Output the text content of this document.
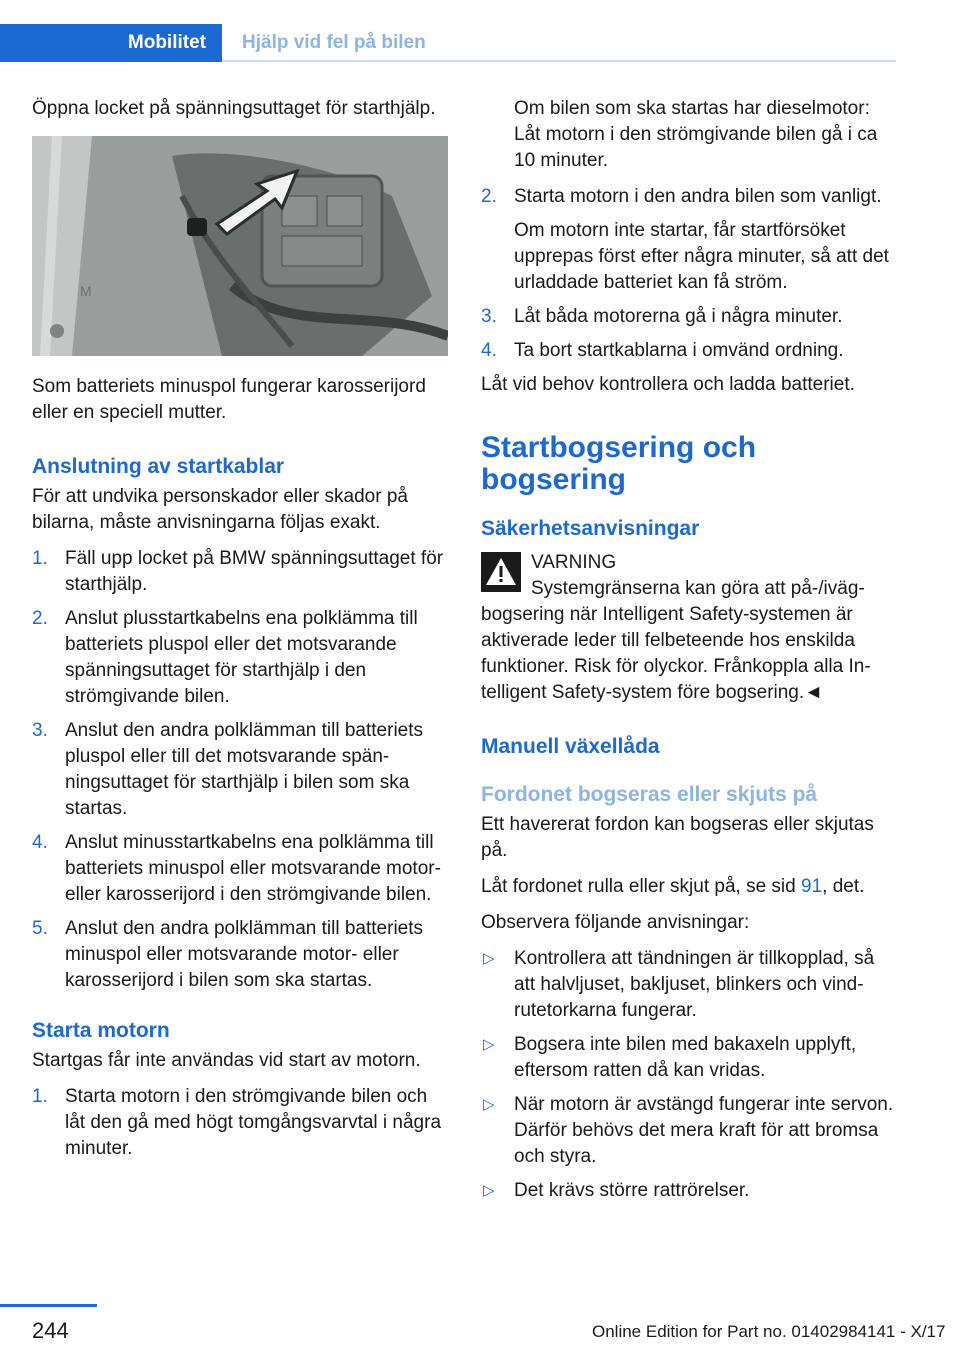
Mobilitet	Hjälp vid fel på bilen

Öppna locket på spänningsuttaget för starthjälp.

M

Som batteriets minuspol fungerar karosserijord eller en speciell mutter.

Anslutning av startkablar

För att undvika personskador eller skador på bilarna, måste anvisningarna följas exakt.

1. Fäll upp locket på BMW spänningsuttaget för starthjälp.
2. Anslut plusstartkabelns ena polklämma till batteriets pluspol eller det motsvarande spänningsuttaget för starthjälp i den strömgivande bilen.
3. Anslut den andra polklämman till batteriets pluspol eller till det motsvarande spänningsuttaget för starthjälp i bilen som ska startas.
4. Anslut minusstartkabelns ena polklämma till batteriets minuspol eller motsvarande motor- eller karosserijord i den strömgivande bilen.
5. Anslut den andra polklämman till batteriets minuspol eller motsvarande motor- eller karosserijord i bilen som ska startas.
Starta motorn

Startgas får inte användas vid start av motorn.

1. Starta motorn i den strömgivande bilen och låt den gå med högt tomgångsvarvtal i några minuter.

Om bilen som ska startas har dieselmotor: Låt motorn i den strömgivande bilen gå i ca 10 minuter.

2. Starta motorn i den andra bilen som vanligt.
Om motorn inte startar, får startförsöket upprepas först efter några minuter, så att det urladdade batteriet kan få ström.
3. Låt båda motorerna gå i några minuter.
4. Ta bort startkablarna i omvänd ordning.

Låt vid behov kontrollera och ladda batteriet.

Startbogsering och bogsering
Säkerhetsanvisningar
VARNING

Systemgränserna kan göra att på-/ivägbogsering när Intelligent Safety-systemen är aktiverade leder till felbeteende hos enskilda funktioner. Risk för olyckor. Frånkoppla alla Intelligent Safety-system före bogsering.◄

Manuell växellåda
Fordonet bogseras eller skjuts på

Ett havererat fordon kan bogseras eller skjutas på.

Låt fordonet rulla eller skjut på, se sid 91, det.

Observera följande anvisningar:

▷ Kontrollera att tändningen är tillkopplad, så att halvljuset, bakljuset, blinkers och vindrutetorkarna fungerar.
▷ Bogsera inte bilen med bakaxeln upplyft, eftersom ratten då kan vridas.
▷ När motorn är avstängd fungerar inte servon. Därför behövs det mera kraft för att bromsa och styra.
▷ Det krävs större rattrörelser.
244	Online Edition for Part no. 01402984141 - X/17
